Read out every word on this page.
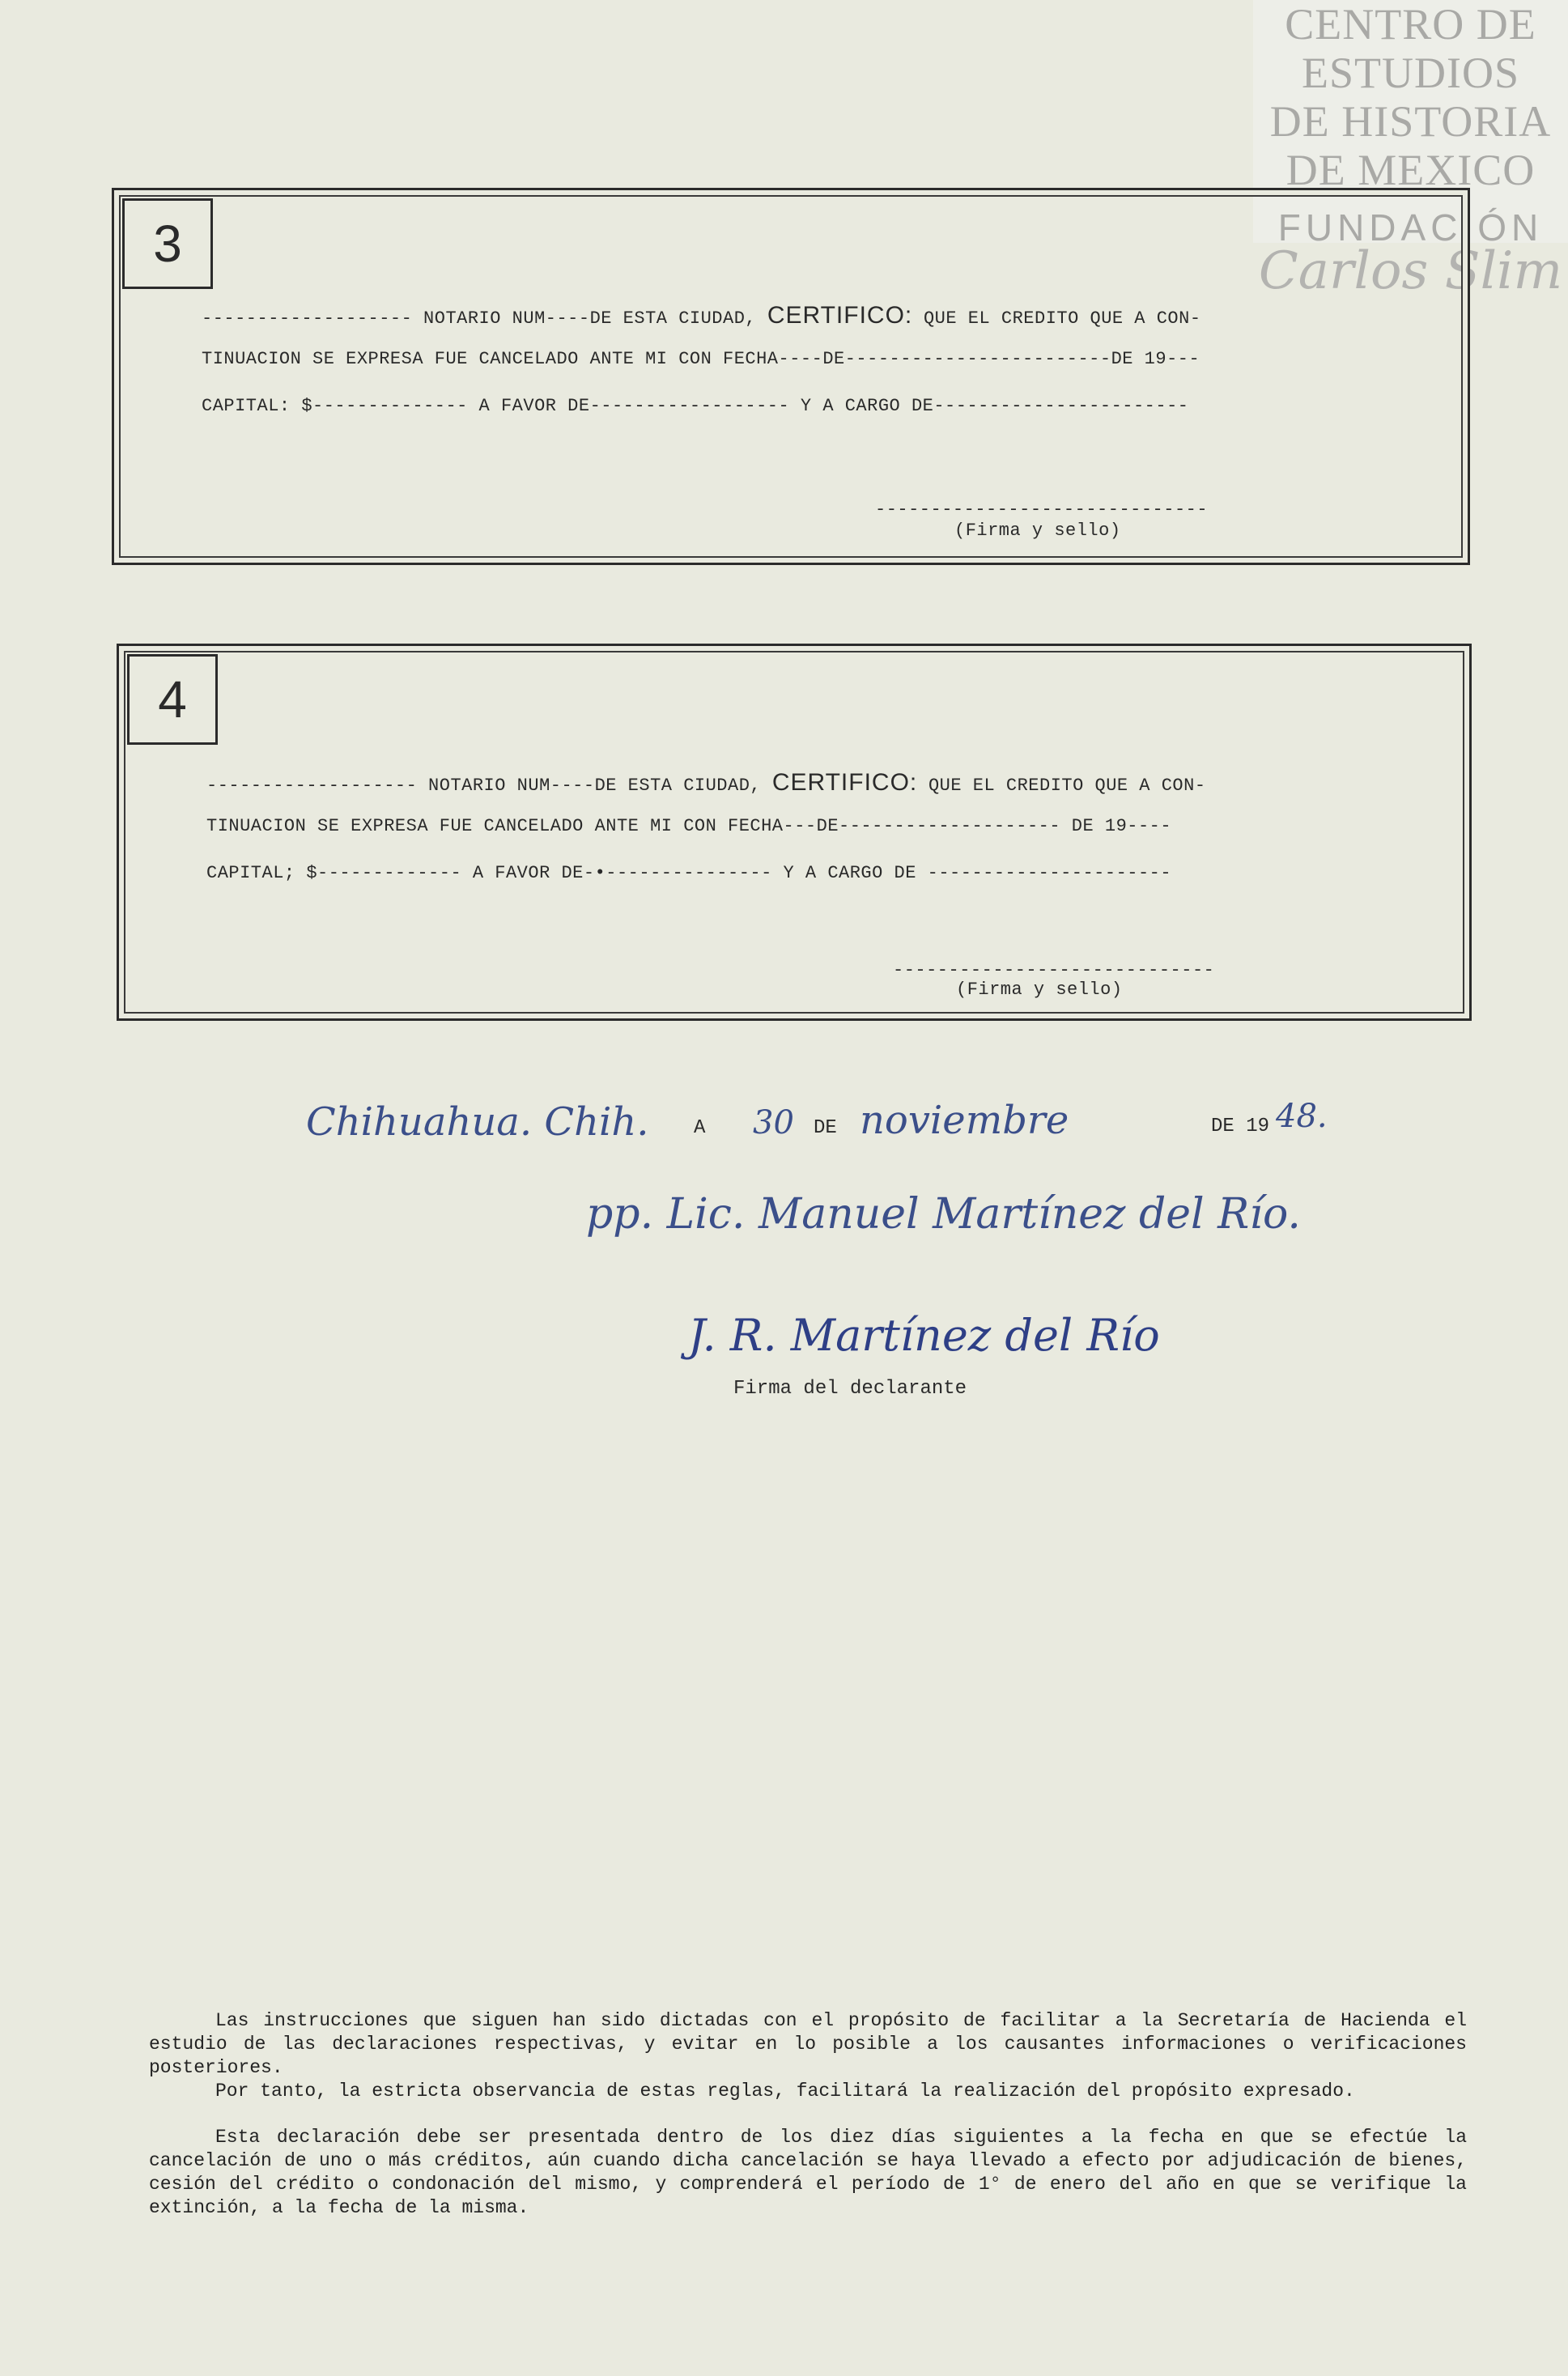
CENTRO DE
ESTUDIOS
DE HISTORIA
DE MEXICO
FUNDACIÓN
Carlos Slim
3
------------------- NOTARIO NUM----DE ESTA CIUDAD, CERTIFICO: QUE EL CREDITO QUE A CON-
TINUACION SE EXPRESA FUE CANCELADO ANTE MI CON FECHA----DE------------------------DE 19---
CAPITAL: $-------------- A FAVOR DE------------------ Y A CARGO DE-----------------------
------------------------------
(Firma y sello)
4
------------------- NOTARIO NUM----DE ESTA CIUDAD, CERTIFICO: QUE EL CREDITO QUE A CON-
TINUACION SE EXPRESA FUE CANCELADO ANTE MI CON FECHA---DE-------------------- DE 19----
CAPITAL; $------------- A FAVOR DE-•--------------- Y A CARGO DE ----------------------
-----------------------------
(Firma y sello)
Chihuahua. Chih. A 30 DE noviembre	DE 19 48.
pp. Lic. Manuel Martínez del Río.
J. R. Martínez del Río
Firma del declarante

Las instrucciones que siguen han sido dictadas con el propósito de facilitar a la Secretaría de Hacienda el estudio de las declaraciones respectivas, y evitar en lo posible a los causantes informaciones o verificaciones posteriores.

Por tanto, la estricta observancia de estas reglas, facilitará la realización del propósito expresado.

Esta declaración debe ser presentada dentro de los diez días siguientes a la fecha en que se efectúe la cancelación de uno o más créditos, aún cuando dicha cancelación se haya llevado a efecto por adjudicación de bienes, cesión del crédito o condonación del mismo, y comprenderá el período de 1° de enero del año en que se verifique la extinción, a la fecha de la misma.
